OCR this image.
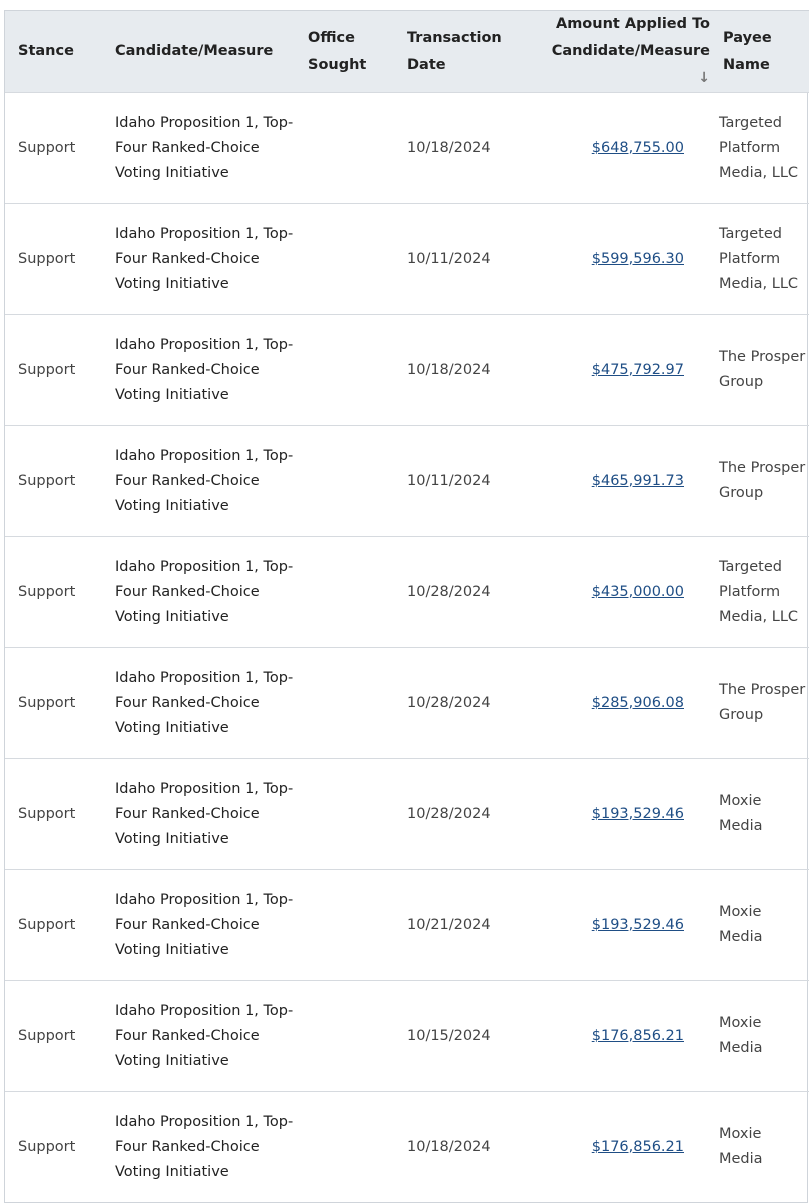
Stance	Candidate/Measure	Office Sought	Transaction Date	Amount Applied To Candidate/Measure↓	Payee Name
Support	Idaho Proposition 1, Top-Four Ranked-Choice Voting Initiative		10/18/2024	$648,755.00	Targeted Platform Media, LLC
Support	Idaho Proposition 1, Top-Four Ranked-Choice Voting Initiative		10/11/2024	$599,596.30	Targeted Platform Media, LLC
Support	Idaho Proposition 1, Top-Four Ranked-Choice Voting Initiative		10/18/2024	$475,792.97	The Prosper Group
Support	Idaho Proposition 1, Top-Four Ranked-Choice Voting Initiative		10/11/2024	$465,991.73	The Prosper Group
Support	Idaho Proposition 1, Top-Four Ranked-Choice Voting Initiative		10/28/2024	$435,000.00	Targeted Platform Media, LLC
Support	Idaho Proposition 1, Top-Four Ranked-Choice Voting Initiative		10/28/2024	$285,906.08	The Prosper Group
Support	Idaho Proposition 1, Top-Four Ranked-Choice Voting Initiative		10/28/2024	$193,529.46	Moxie Media
Support	Idaho Proposition 1, Top-Four Ranked-Choice Voting Initiative		10/21/2024	$193,529.46	Moxie Media
Support	Idaho Proposition 1, Top-Four Ranked-Choice Voting Initiative		10/15/2024	$176,856.21	Moxie Media
Support	Idaho Proposition 1, Top-Four Ranked-Choice Voting Initiative		10/18/2024	$176,856.21	Moxie Media
